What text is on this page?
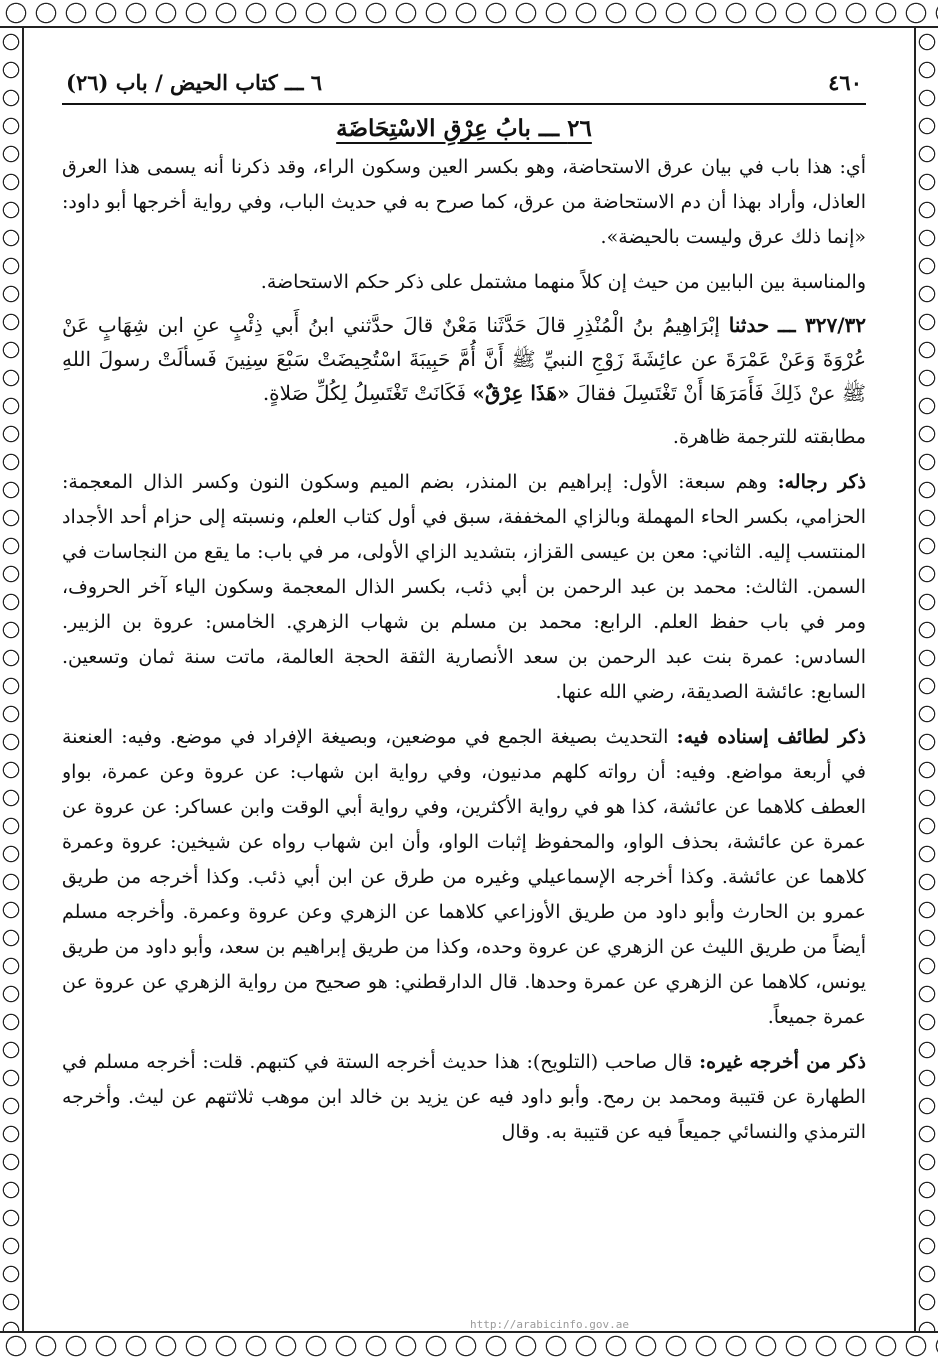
٤٦٠
٦ ـــ كتاب الحيض / باب (٢٦)
٢٦ ـــ بابُ عِرْقِ الاسْتِحَاضَة

أي: هذا باب في بيان عرق الاستحاضة، وهو بكسر العين وسكون الراء، وقد ذكرنا أنه يسمى هذا العرق العاذل، وأراد بهذا أن دم الاستحاضة من عرق، كما صرح به في حديث الباب، وفي رواية أخرجها أبو داود: «إنما ذلك عرق وليست بالحيضة».

والمناسبة بين البابين من حيث إن كلاً منهما مشتمل على ذكر حكم الاستحاضة.

٣٢٧/٣٢ ـــ حدثنا إبْرَاهِيمُ بنُ الْمُنْذِرِ قالَ حَدَّثَنا مَعْنٌ قالَ حدَّثني ابنُ أَبي ذِئْبٍ عنِ ابن شِهَابٍ عَنْ عُرْوَةَ وَعَنْ عَمْرَةَ عن عائِشَةَ زَوْجِ النبيِّ ﷺ أَنَّ أُمَّ حَبِيبَةَ اسْتُحِيضَتْ سَبْعَ سِنِينَ فَسألَتْ رسولَ اللهِ ﷺ عنْ ذَلِكَ فَأَمَرَهَا أَنْ تَغْتَسِلَ فقالَ «هَذَا عِرْقٌ» فَكَانَتْ تَغْتَسِلُ لِكُلِّ صَلاةٍ.

مطابقته للترجمة ظاهرة.

ذكر رجاله: وهم سبعة: الأول: إبراهيم بن المنذر، بضم الميم وسكون النون وكسر الذال المعجمة: الحزامي، بكسر الحاء المهملة وبالزاي المخففة، سبق في أول كتاب العلم، ونسبته إلى حزام أحد الأجداد المنتسب إليه. الثاني: معن بن عيسى القزاز، بتشديد الزاي الأولى، مر في باب: ما يقع من النجاسات في السمن. الثالث: محمد بن عبد الرحمن بن أبي ذئب، بكسر الذال المعجمة وسكون الياء آخر الحروف، ومر في باب حفظ العلم. الرابع: محمد بن مسلم بن شهاب الزهري. الخامس: عروة بن الزبير. السادس: عمرة بنت عبد الرحمن بن سعد الأنصارية الثقة الحجة العالمة، ماتت سنة ثمان وتسعين. السابع: عائشة الصديقة، رضي الله عنها.

ذكر لطائف إسناده فيه: التحديث بصيغة الجمع في موضعين، وبصيغة الإفراد في موضع. وفيه: العنعنة في أربعة مواضع. وفيه: أن رواته كلهم مدنيون، وفي رواية ابن شهاب: عن عروة وعن عمرة، بواو العطف كلاهما عن عائشة، كذا هو في رواية الأكثرين، وفي رواية أبي الوقت وابن عساكر: عن عروة عن عمرة عن عائشة، بحذف الواو، والمحفوظ إثبات الواو، وأن ابن شهاب رواه عن شيخين: عروة وعمرة كلاهما عن عائشة. وكذا أخرجه الإسماعيلي وغيره من طرق عن ابن أبي ذئب. وكذا أخرجه من طريق عمرو بن الحارث وأبو داود من طريق الأوزاعي كلاهما عن الزهري وعن عروة وعمرة. وأخرجه مسلم أيضاً من طريق الليث عن الزهري عن عروة وحده، وكذا من طريق إبراهيم بن سعد، وأبو داود من طريق يونس، كلاهما عن الزهري عن عمرة وحدها. قال الدارقطني: هو صحيح من رواية الزهري عن عروة عن عمرة جميعاً.

ذكر من أخرجه غيره: قال صاحب (التلويح): هذا حديث أخرجه الستة في كتبهم. قلت: أخرجه مسلم في الطهارة عن قتيبة ومحمد بن رمح. وأبو داود فيه عن يزيد بن خالد ابن موهب ثلاثتهم عن ليث. وأخرجه الترمذي والنسائي جميعاً فيه عن قتيبة به. وقال

http://arabicinfo.gov.ae
